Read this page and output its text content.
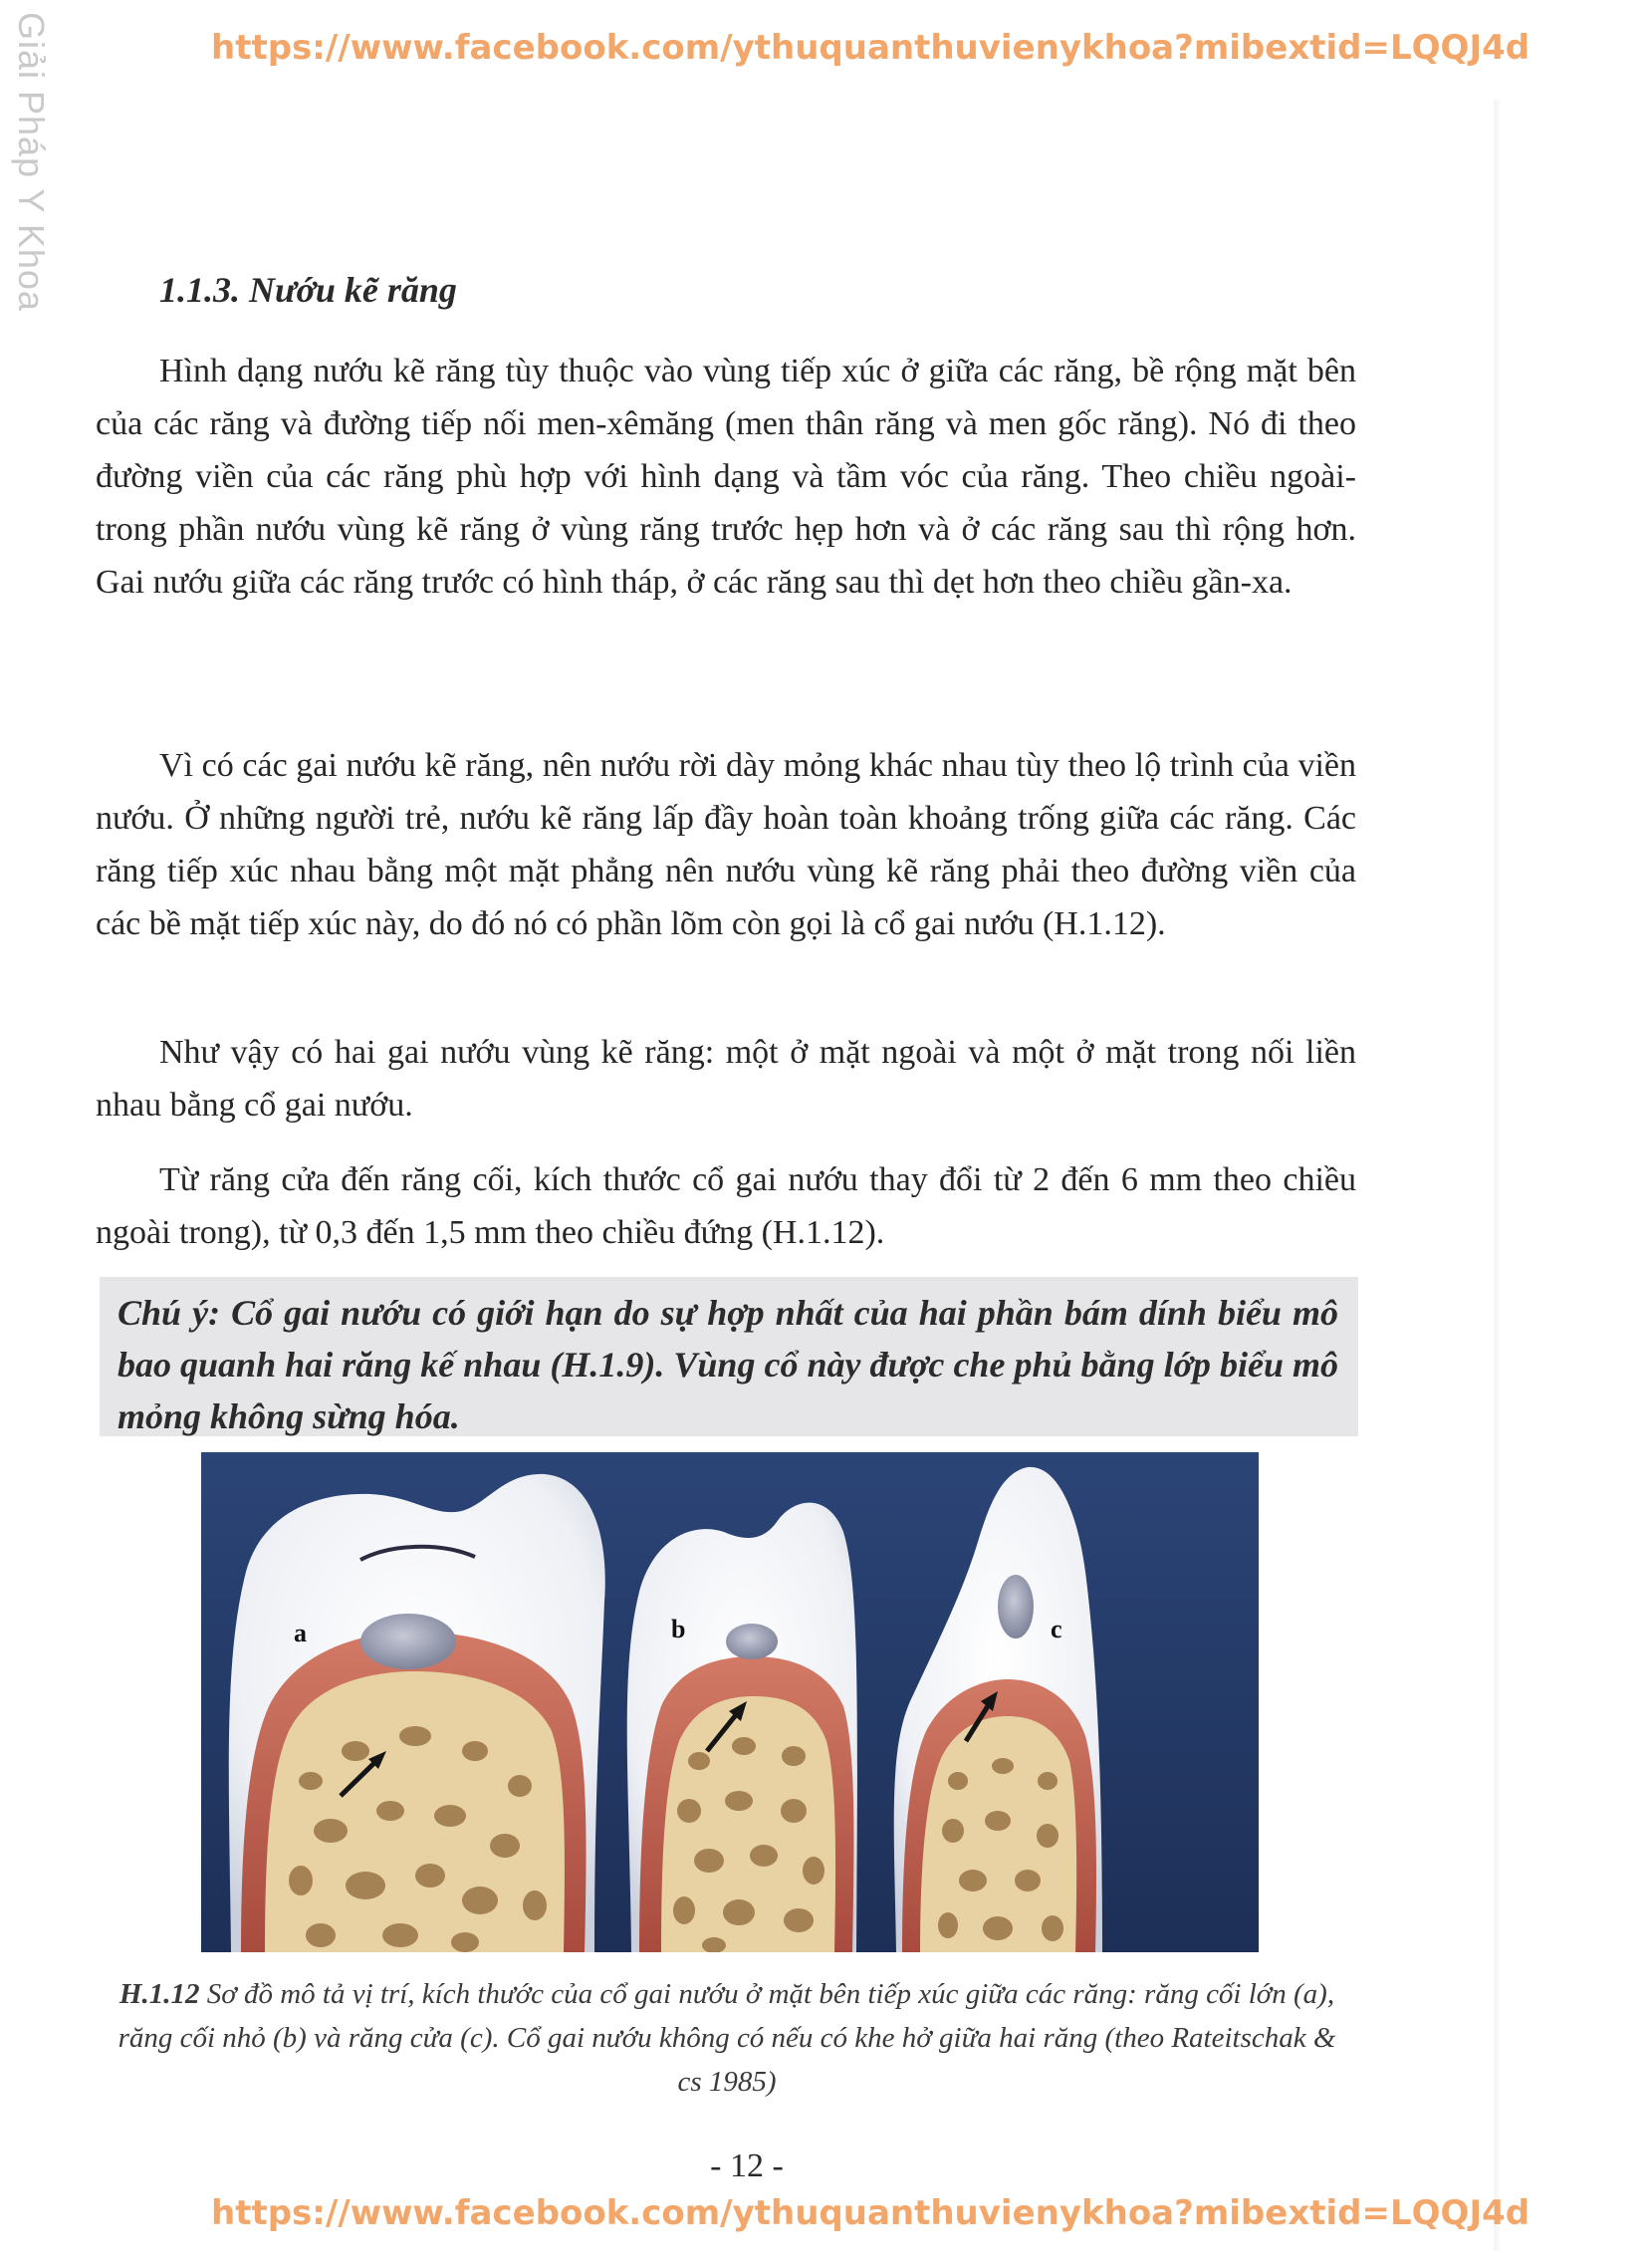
Giải Pháp Y Khoa	https://www.facebook.com/ythuquanthuvienykhoa?mibextid=LQQJ4d
1.1.3. Nướu kẽ răng

Hình dạng nướu kẽ răng tùy thuộc vào vùng tiếp xúc ở giữa các răng, bề rộng mặt bên của các răng và đường tiếp nối men-xêmăng (men thân răng và men gốc răng). Nó đi theo đường viền của các răng phù hợp với hình dạng và tầm vóc của răng. Theo chiều ngoài-trong phần nướu vùng kẽ răng ở vùng răng trước hẹp hơn và ở các răng sau thì rộng hơn. Gai nướu giữa các răng trước có hình tháp, ở các răng sau thì dẹt hơn theo chiều gần-xa.

Vì có các gai nướu kẽ răng, nên nướu rời dày mỏng khác nhau tùy theo lộ trình của viền nướu. Ở những người trẻ, nướu kẽ răng lấp đầy hoàn toàn khoảng trống giữa các răng. Các răng tiếp xúc nhau bằng một mặt phẳng nên nướu vùng kẽ răng phải theo đường viền của các bề mặt tiếp xúc này, do đó nó có phần lõm còn gọi là cổ gai nướu (H.1.12).

Như vậy có hai gai nướu vùng kẽ răng: một ở mặt ngoài và một ở mặt trong nối liền nhau bằng cổ gai nướu.

Từ răng cửa đến răng cối, kích thước cổ gai nướu thay đổi từ 2 đến 6 mm theo chiều ngoài trong), từ 0,3 đến 1,5 mm theo chiều đứng (H.1.12).

Chú ý: Cổ gai nướu có giới hạn do sự hợp nhất của hai phần bám dính biểu mô bao quanh hai răng kế nhau (H.1.9). Vùng cổ này được che phủ bằng lớp biểu mô mỏng không sừng hóa.

a	b	c

H.1.12 Sơ đồ mô tả vị trí, kích thước của cổ gai nướu ở mặt bên tiếp xúc giữa các răng: răng cối lớn (a), răng cối nhỏ (b) và răng cửa (c). Cổ gai nướu không có nếu có khe hở giữa hai răng (theo Rateitschak & cs 1985)

- 12 -
https://www.facebook.com/ythuquanthuvienykhoa?mibextid=LQQJ4d
